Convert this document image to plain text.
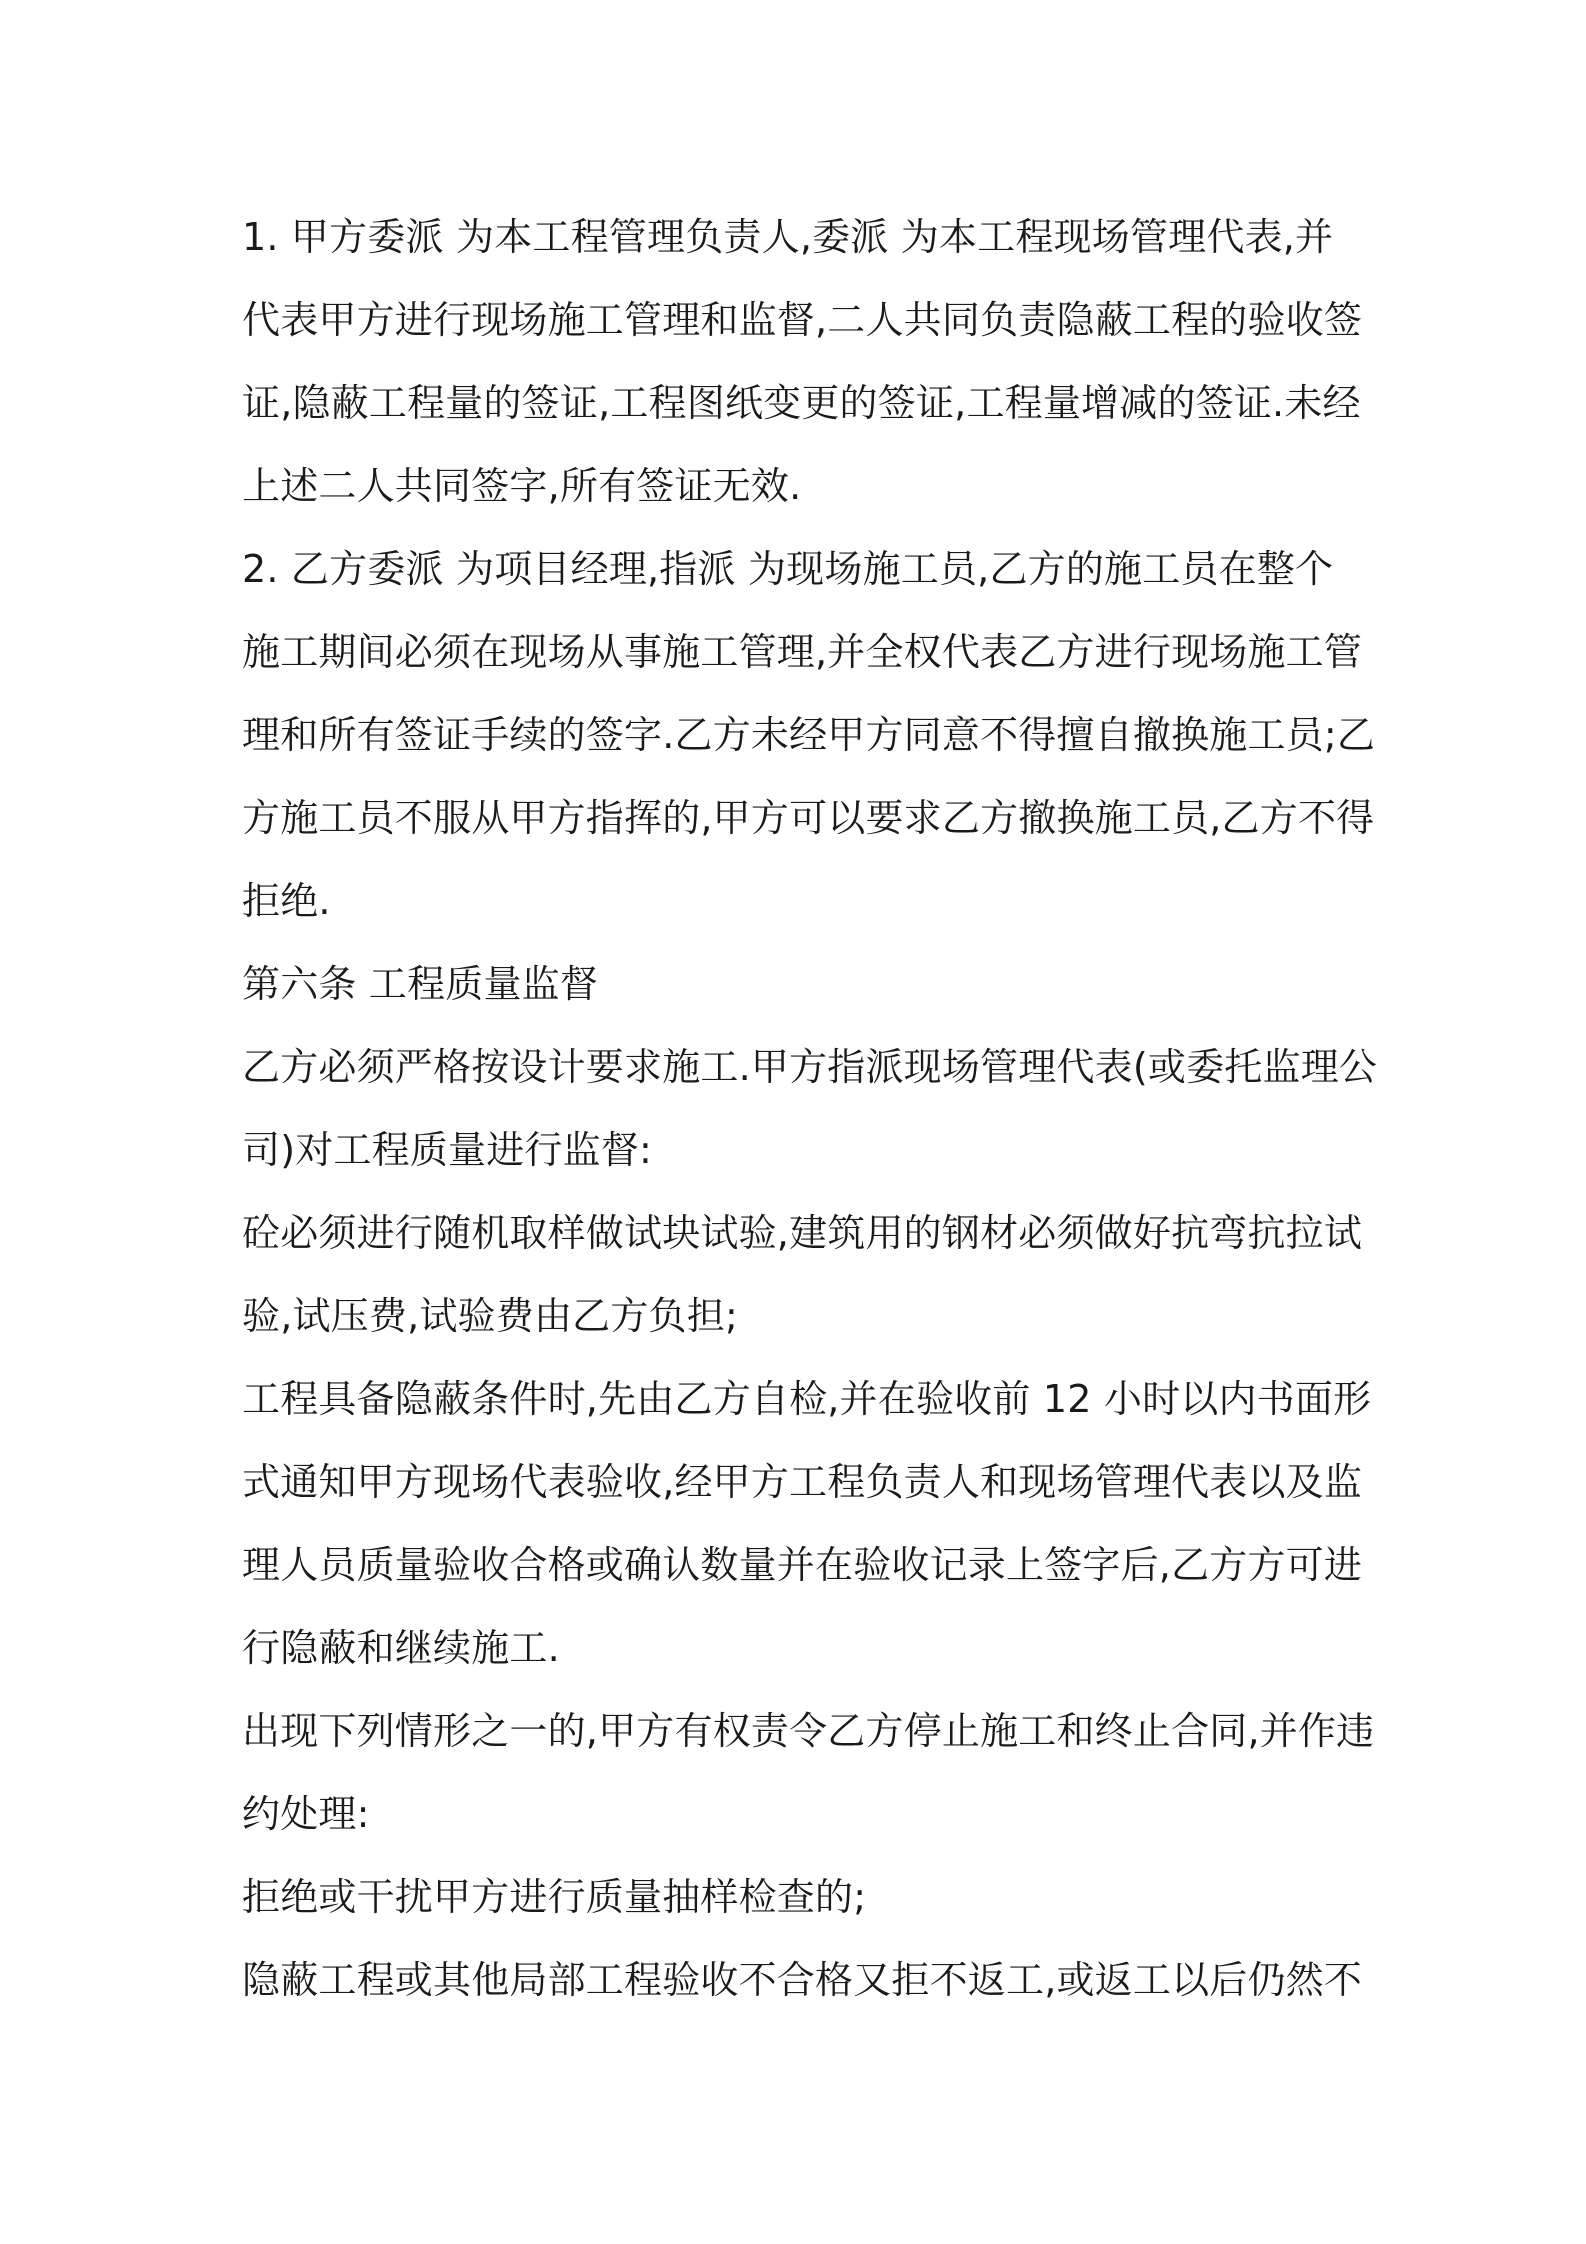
1. 甲方委派 为本工程管理负责人,委派 为本工程现场管理代表,并
代表甲方进行现场施工管理和监督,二人共同负责隐蔽工程的验收签
证,隐蔽工程量的签证,工程图纸变更的签证,工程量增减的签证.未经
上述二人共同签字,所有签证无效.
2. 乙方委派 为项目经理,指派 为现场施工员,乙方的施工员在整个
施工期间必须在现场从事施工管理,并全权代表乙方进行现场施工管
理和所有签证手续的签字.乙方未经甲方同意不得擅自撤换施工员;乙
方施工员不服从甲方指挥的,甲方可以要求乙方撤换施工员,乙方不得
拒绝.
第六条 工程质量监督
乙方必须严格按设计要求施工.甲方指派现场管理代表(或委托监理公
司)对工程质量进行监督:
砼必须进行随机取样做试块试验,建筑用的钢材必须做好抗弯抗拉试
验,试压费,试验费由乙方负担;
工程具备隐蔽条件时,先由乙方自检,并在验收前 12 小时以内书面形
式通知甲方现场代表验收,经甲方工程负责人和现场管理代表以及监
理人员质量验收合格或确认数量并在验收记录上签字后,乙方方可进
行隐蔽和继续施工.
出现下列情形之一的,甲方有权责令乙方停止施工和终止合同,并作违
约处理:
拒绝或干扰甲方进行质量抽样检查的;
隐蔽工程或其他局部工程验收不合格又拒不返工,或返工以后仍然不
